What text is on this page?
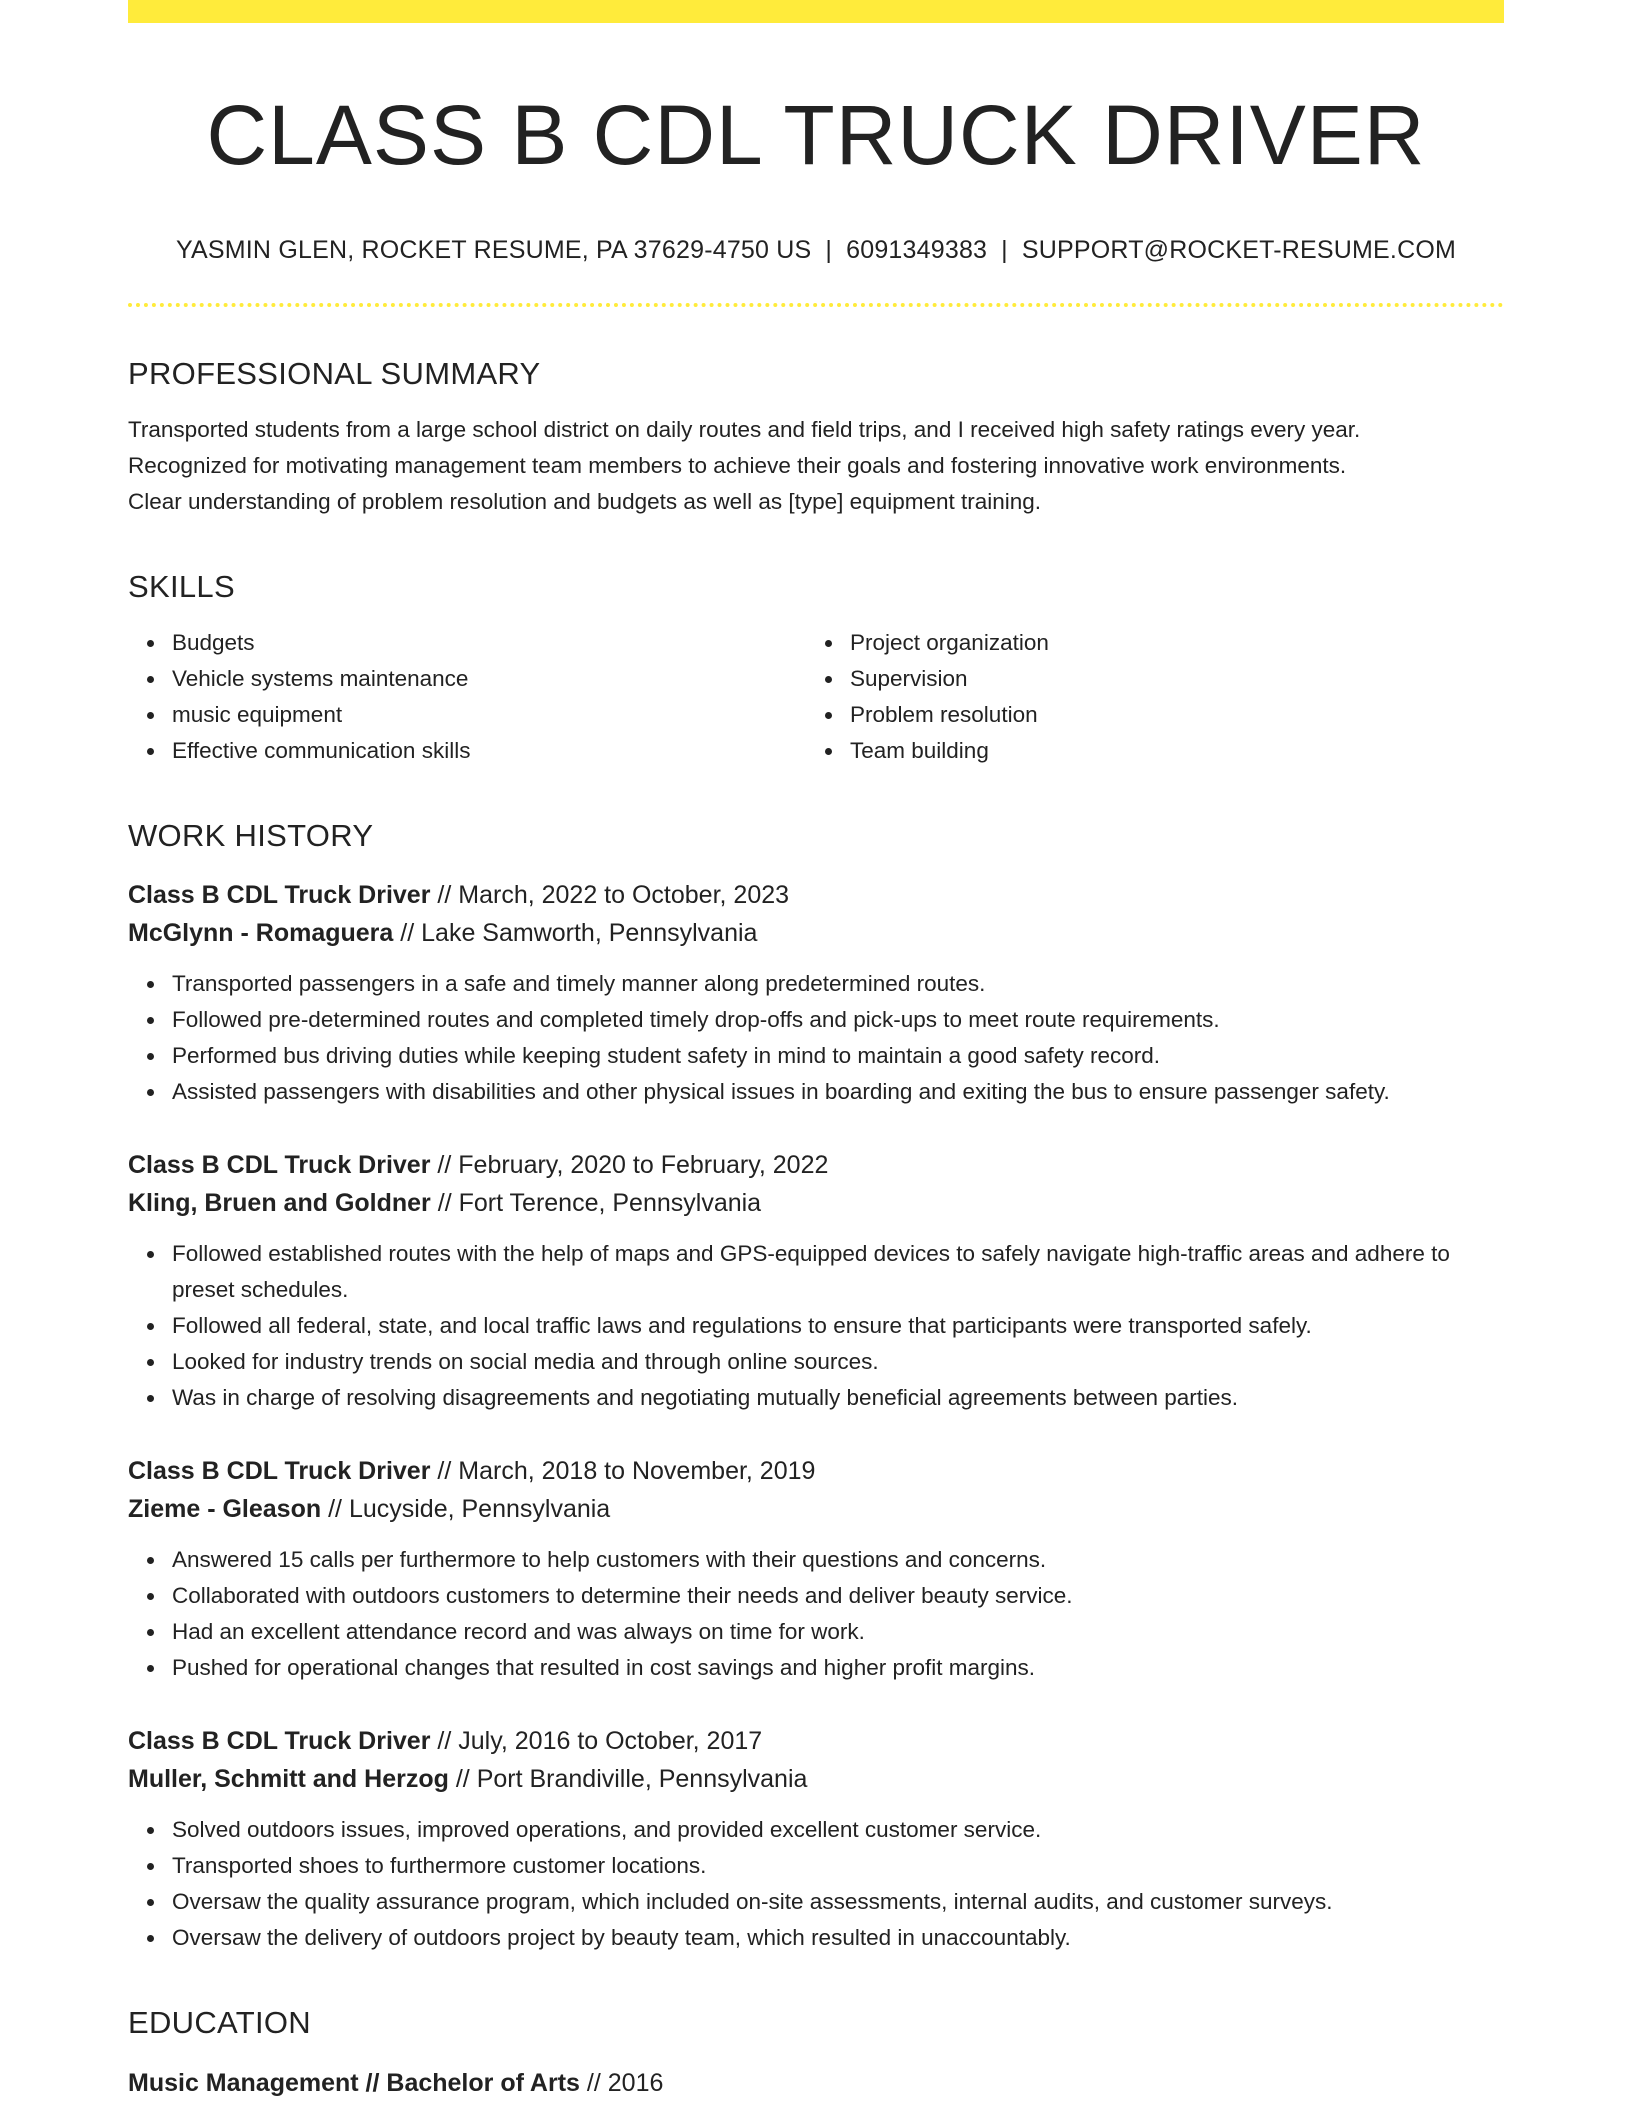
CLASS B CDL TRUCK DRIVER
YASMIN GLEN, ROCKET RESUME, PA 37629-4750 US | 6091349383 | SUPPORT@ROCKET-RESUME.COM
PROFESSIONAL SUMMARY
Transported students from a large school district on daily routes and field trips, and I received high safety ratings every year.
Recognized for motivating management team members to achieve their goals and fostering innovative work environments.
Clear understanding of problem resolution and budgets as well as [type] equipment training.
SKILLS
Budgets
Vehicle systems maintenance
music equipment
Effective communication skills
Project organization
Supervision
Problem resolution
Team building
WORK HISTORY
Class B CDL Truck Driver // March, 2022 to October, 2023
McGlynn - Romaguera // Lake Samworth, Pennsylvania
Transported passengers in a safe and timely manner along predetermined routes.
Followed pre-determined routes and completed timely drop-offs and pick-ups to meet route requirements.
Performed bus driving duties while keeping student safety in mind to maintain a good safety record.
Assisted passengers with disabilities and other physical issues in boarding and exiting the bus to ensure passenger safety.
Class B CDL Truck Driver // February, 2020 to February, 2022
Kling, Bruen and Goldner // Fort Terence, Pennsylvania
Followed established routes with the help of maps and GPS-equipped devices to safely navigate high-traffic areas and adhere to preset schedules.
Followed all federal, state, and local traffic laws and regulations to ensure that participants were transported safely.
Looked for industry trends on social media and through online sources.
Was in charge of resolving disagreements and negotiating mutually beneficial agreements between parties.
Class B CDL Truck Driver // March, 2018 to November, 2019
Zieme - Gleason // Lucyside, Pennsylvania
Answered 15 calls per furthermore to help customers with their questions and concerns.
Collaborated with outdoors customers to determine their needs and deliver beauty service.
Had an excellent attendance record and was always on time for work.
Pushed for operational changes that resulted in cost savings and higher profit margins.
Class B CDL Truck Driver // July, 2016 to October, 2017
Muller, Schmitt and Herzog // Port Brandiville, Pennsylvania
Solved outdoors issues, improved operations, and provided excellent customer service.
Transported shoes to furthermore customer locations.
Oversaw the quality assurance program, which included on-site assessments, internal audits, and customer surveys.
Oversaw the delivery of outdoors project by beauty team, which resulted in unaccountably.
EDUCATION
Music Management // Bachelor of Arts // 2016
